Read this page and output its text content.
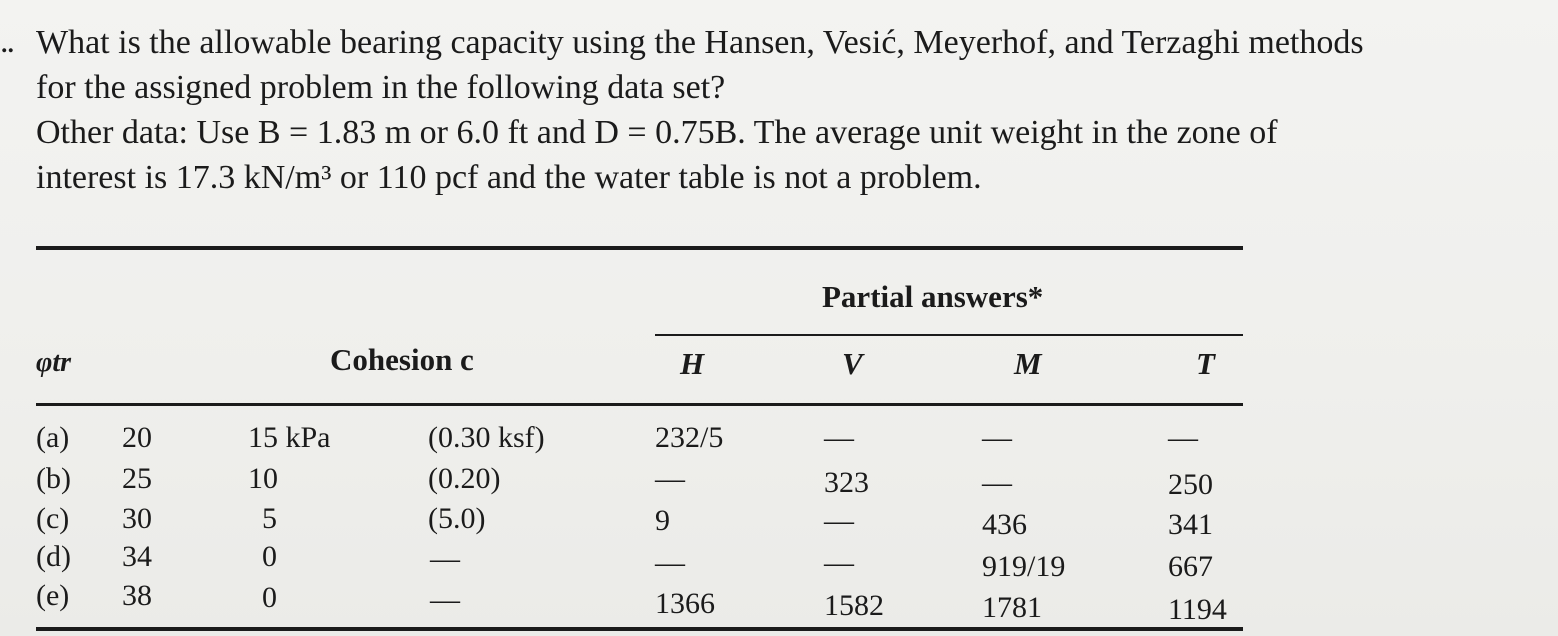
.. What is the allowable bearing capacity using the Hansen, Vesić, Meyerhof, and Terzaghi methods

for the assigned problem in the following data set?

Other data: Use B = 1.83 m or 6.0 ft and D = 0.75B. The average unit weight in the zone of

interest is 17.3 kN/m³ or 110 pcf and the water table is not a problem.

Partial answers*
φtr	Cohesion c	H	V	M	T
(a) 20	15 kPa	(0.30 ksf)	232/5	—	—	—
(b) 25	10	(0.20)	—	323	—	250
(c) 30	5	(5.0)	9	—	436	341
(d) 34	0	—	—	—	919/19	667
(e) 38	0	—	1366	1582	1781	1194
